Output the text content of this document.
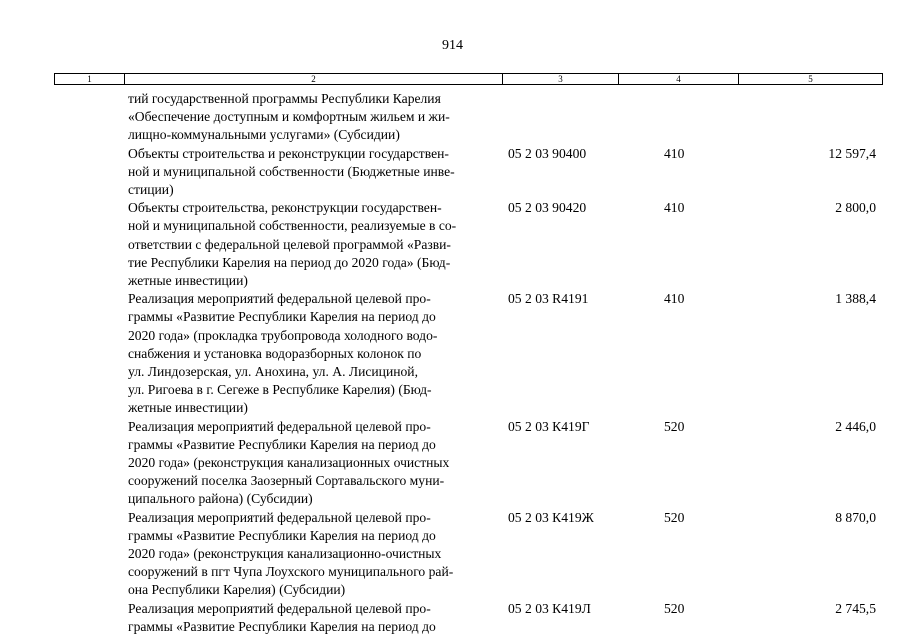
914
1	2	3	4	5
тий государственной программы Республики Карелия
«Обеспечение доступным и комфортным жильем и жи-
лищно-коммунальными услугами» (Субсидии)
Объекты строительства и реконструкции государствен-
ной и муниципальной собственности (Бюджетные инве-
стиции)
05 2 03 90400	410	12 597,4
Объекты строительства, реконструкции государствен-
ной и муниципальной собственности, реализуемые в со-
ответствии с федеральной целевой программой «Разви-
тие Республики Карелия на период до 2020 года» (Бюд-
жетные инвестиции)
05 2 03 90420	410	2 800,0
Реализация мероприятий федеральной целевой про-
граммы «Развитие Республики Карелия на период до
2020 года» (прокладка трубопровода холодного водо-
снабжения и установка водоразборных колонок по
ул. Линдозерская, ул. Анохина, ул. А. Лисициной,
ул. Ригоева в г. Сегеже в Республике Карелия) (Бюд-
жетные инвестиции)
05 2 03 R4191	410	1 388,4
Реализация мероприятий федеральной целевой про-
граммы «Развитие Республики Карелия на период до
2020 года» (реконструкция канализационных очистных
сооружений поселка Заозерный Сортавальского муни-
ципального района) (Субсидии)
05 2 03 К419Г	520	2 446,0
Реализация мероприятий федеральной целевой про-
граммы «Развитие Республики Карелия на период до
2020 года» (реконструкция канализационно-очистных
сооружений в пгт Чупа Лоухского муниципального рай-
она Республики Карелия) (Субсидии)
05 2 03 К419Ж	520	8 870,0
Реализация мероприятий федеральной целевой про-
граммы «Развитие Республики Карелия на период до
05 2 03 К419Л	520	2 745,5
